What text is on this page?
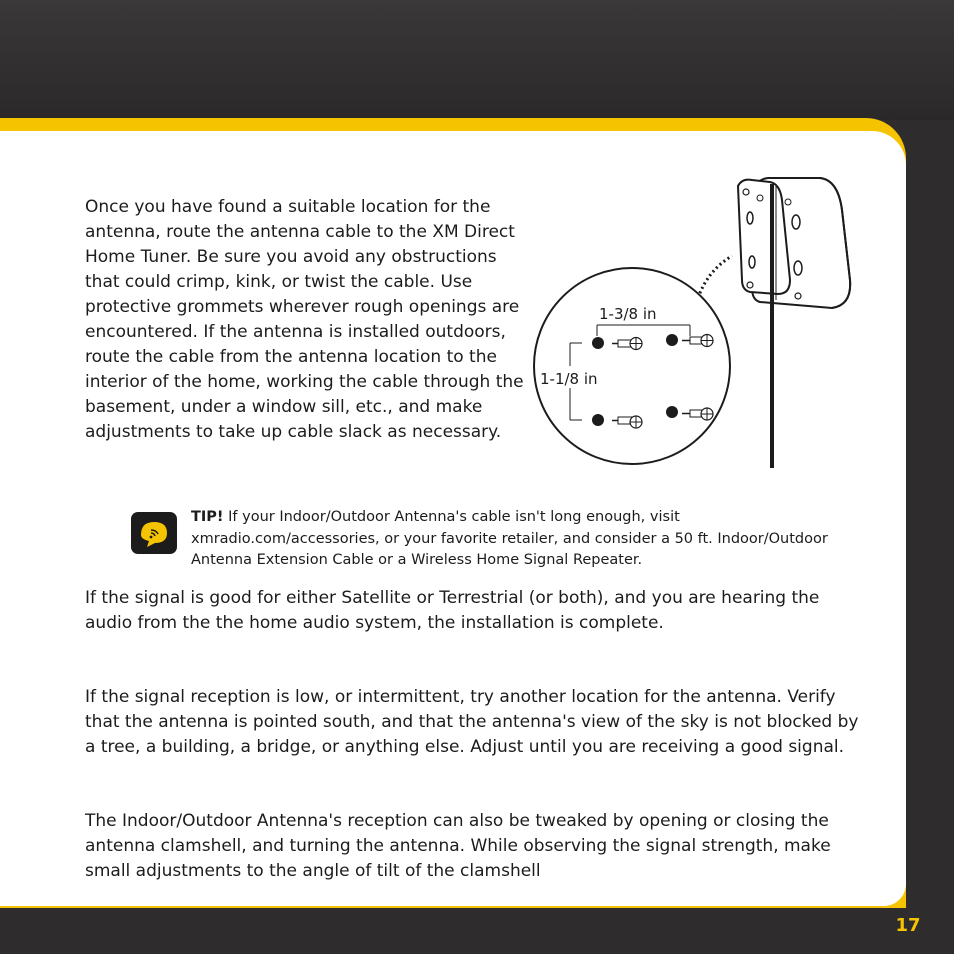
Once you have found a suitable location for the antenna, route the antenna cable to the XM Direct Home Tuner. Be sure you avoid any obstructions that could crimp, kink, or twist the cable. Use protective grommets wherever rough openings are encountered. If the antenna is installed outdoors, route the cable from the antenna location to the interior of the home, working the cable through the basement, under a window sill, etc., and make adjustments to take up cable slack as necessary.

1-3/8 in
1-1/8 in

TIP! If your Indoor/Outdoor Antenna's cable isn't long enough, visit xmradio.com/accessories, or your favorite retailer, and consider a 50 ft. Indoor/Outdoor Antenna Extension Cable or a Wireless Home Signal Repeater.

If the signal is good for either Satellite or Terrestrial (or both), and you are hearing the audio from the the home audio system, the installation is complete.

If the signal reception is low, or intermittent, try another location for the antenna. Verify that the antenna is pointed south, and that the antenna's view of the sky is not blocked by a tree, a building, a bridge, or anything else. Adjust until you are receiving a good signal.

The Indoor/Outdoor Antenna's reception can also be tweaked by opening or closing the antenna clamshell, and turning the antenna. While observing the signal strength, make small adjustments to the angle of tilt of the clamshell

17
